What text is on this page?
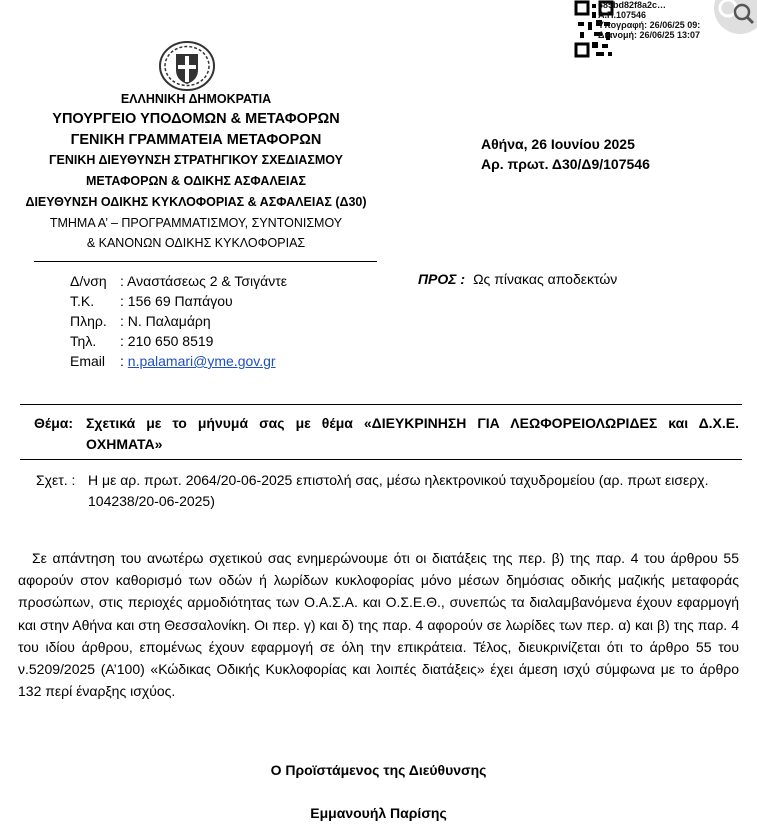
ΕΛΛΗΝΙΚΗ ΔΗΜΟΚΡΑΤΙΑ
ΥΠΟΥΡΓΕΙΟ ΥΠΟΔΟΜΩΝ & ΜΕΤΑΦΟΡΩΝ
ΓΕΝΙΚΗ ΓΡΑΜΜΑΤΕΙΑ ΜΕΤΑΦΟΡΩΝ
ΓΕΝΙΚΗ ΔΙΕΥΘΥΝΣΗ ΣΤΡΑΤΗΓΙΚΟΥ ΣΧΕΔΙΑΣΜΟΥ
ΜΕΤΑΦΟΡΩΝ & ΟΔΙΚΗΣ ΑΣΦΑΛΕΙΑΣ
ΔΙΕΥΘΥΝΣΗ ΟΔΙΚΗΣ ΚΥΚΛΟΦΟΡΙΑΣ & ΑΣΦΑΛΕΙΑΣ (Δ30)
ΤΜΗΜΑ Α’ – ΠΡΟΓΡΑΜΜΑΤΙΣΜΟΥ, ΣΥΝΤΟΝΙΣΜΟΥ
& ΚΑΝΟΝΩΝ ΟΔΙΚΗΣ ΚΥΚΛΟΦΟΡΙΑΣ
Αθήνα, 26 Ιουνίου 2025
Αρ. πρωτ. Δ30/Δ9/107546
685bd82f8a2c…
Α.Π.107546
Υπογραφή: 26/06/25 09:
Διανομή: 26/06/25 13:07
Δ/νση : Αναστάσεως 2 & Τσιγάντε
Τ.Κ. : 156 69 Παπάγου
Πληρ. : Ν. Παλαμάρη
Τηλ. : 210 650 8519
Email : n.palamari@yme.gov.gr
ΠΡΟΣ : Ως πίνακας αποδεκτών
Θέμα: Σχετικά με το μήνυμά σας με θέμα «ΔΙΕΥΚΡΙΝΗΣΗ ΓΙΑ ΛΕΩΦΟΡΕΙΟΛΩΡΙΔΕΣ και Δ.Χ.Ε. ΟΧΗΜΑΤΑ»
Σχετ. : Η με αρ. πρωτ. 2064/20-06-2025 επιστολή σας, μέσω ηλεκτρονικού ταχυδρομείου (αρ. πρωτ εισερχ. 104238/20-06-2025)
Σε απάντηση του ανωτέρω σχετικού σας ενημερώνουμε ότι οι διατάξεις της περ. β) της παρ. 4 του άρθρου 55 αφορούν στον καθορισμό των οδών ή λωρίδων κυκλοφορίας μόνο μέσων δημόσιας οδικής μαζικής μεταφοράς προσώπων, στις περιοχές αρμοδιότητας των Ο.Α.Σ.Α. και Ο.Σ.Ε.Θ., συνεπώς τα διαλαμβανόμενα έχουν εφαρμογή και στην Αθήνα και στη Θεσσαλονίκη. Οι περ. γ) και δ) της παρ. 4 αφορούν σε λωρίδες των περ. α) και β) της παρ. 4 του ιδίου άρθρου, επομένως έχουν εφαρμογή σε όλη την επικράτεια. Τέλος, διευκρινίζεται ότι το άρθρο 55 του ν.5209/2025 (Α’100) «Κώδικας Οδικής Κυκλοφορίας και λοιπές διατάξεις» έχει άμεση ισχύ σύμφωνα με το άρθρο 132 περί έναρξης ισχύος.
Ο Προϊστάμενος της Διεύθυνσης
Εμμανουήλ Παρίσης
